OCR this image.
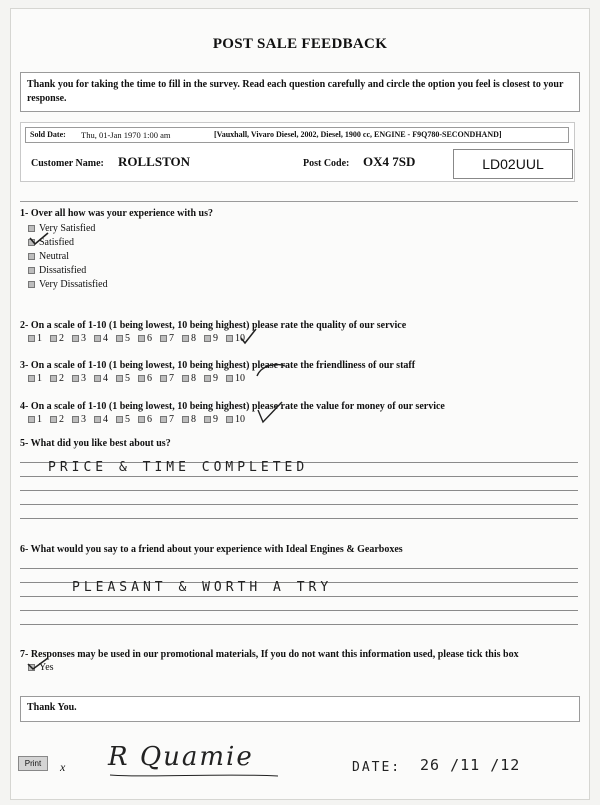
POST SALE FEEDBACK
Thank you for taking the time to fill in the survey. Read each question carefully and circle the option you feel is closest to your response.
Sold Date: Thu, 01-Jan 1970 1:00 am	[Vauxhall, Vivaro Diesel, 2002, Diesel, 1900 cc, ENGINE - F9Q780-SECONDHAND]
Customer Name: ROLLSTON	Post Code: OX4 7SD	LD02UUL
1- Over all how was your experience with us?
Very Satisfied
Satisfied
Neutral
Dissatisfied
Very Dissatisfied
2- On a scale of 1-10 (1 being lowest, 10 being highest) please rate the quality of our service
1 2 3 4 5 6 7 8 9 10
3- On a scale of 1-10 (1 being lowest, 10 being highest) please rate the friendliness of our staff
1 2 3 4 5 6 7 8 9 10
4- On a scale of 1-10 (1 being lowest, 10 being highest) please rate the value for money of our service
1 2 3 4 5 6 7 8 9 10
5- What did you like best about us?
PRICE & TIME COMPLETED
6- What would you say to a friend about your experience with Ideal Engines & Gearboxes
PLEASANT & WORTH A TRY
7- Responses may be used in our promotional materials, If you do not want this information used, please tick this box
Yes
Thank You.
Print	x R Quamie	DATE: 26 /11 /12
